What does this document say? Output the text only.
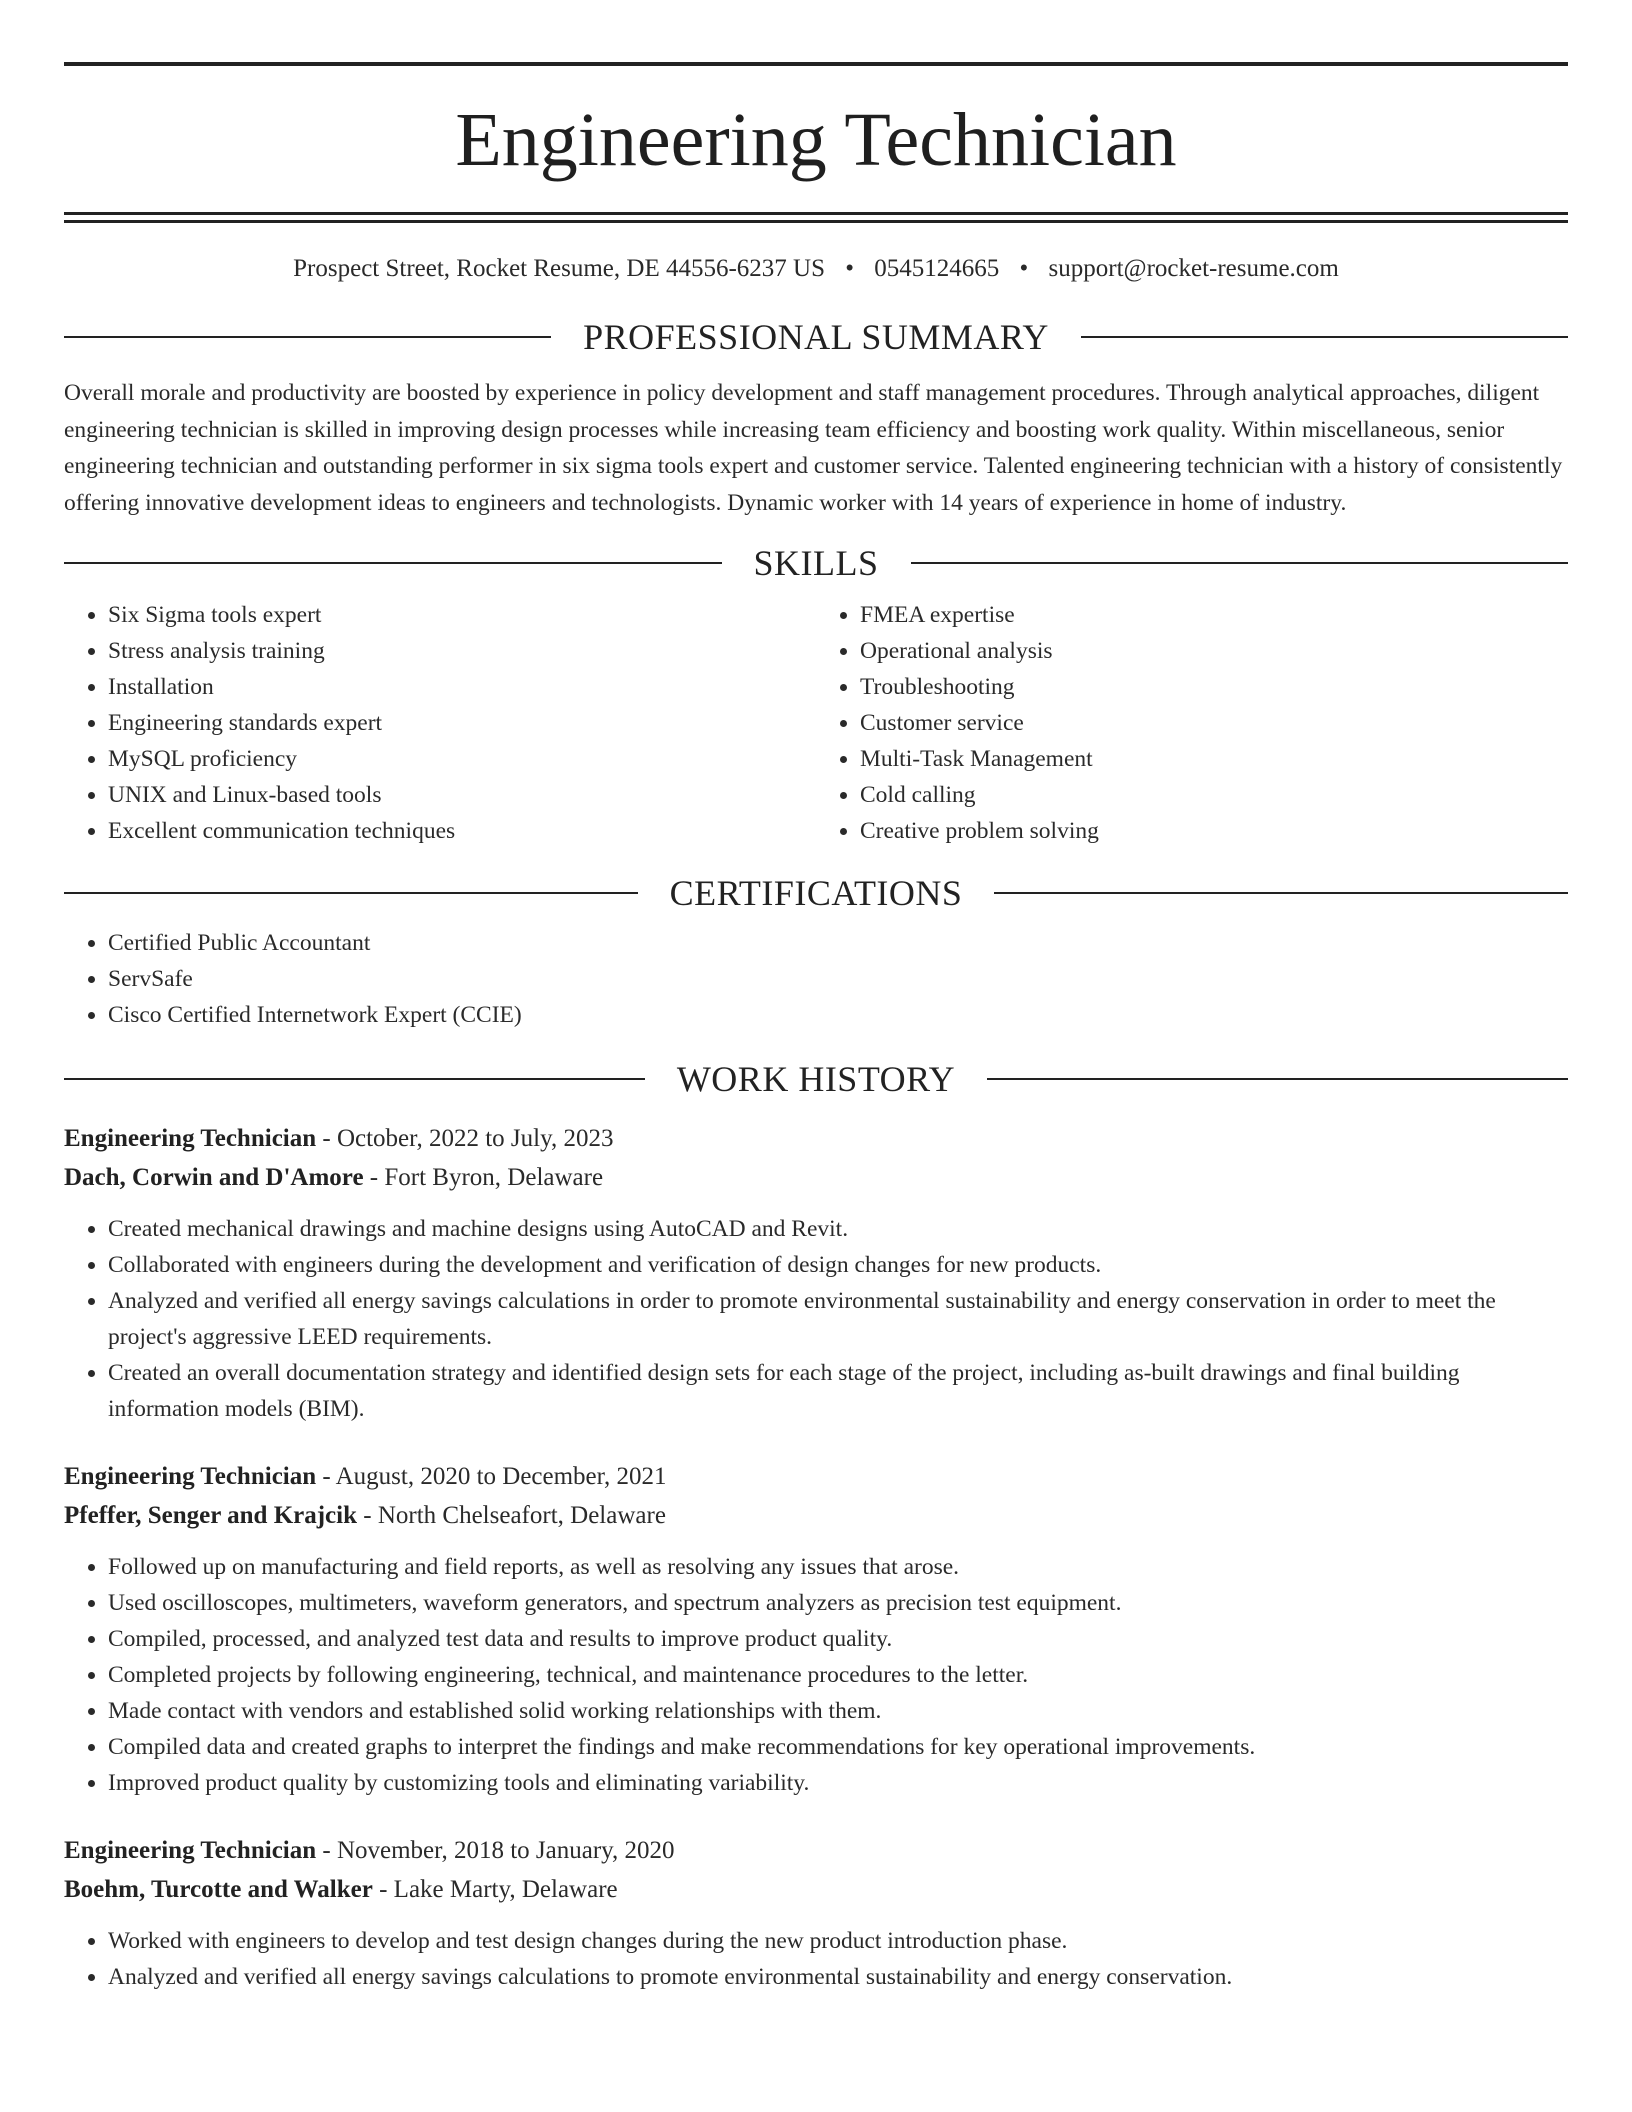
Engineering Technician
Prospect Street, Rocket Resume, DE 44556-6237 US • 0545124665 • support@rocket-resume.com
PROFESSIONAL SUMMARY

Overall morale and productivity are boosted by experience in policy development and staff management procedures. Through analytical approaches, diligent engineering technician is skilled in improving design processes while increasing team efficiency and boosting work quality. Within miscellaneous, senior engineering technician and outstanding performer in six sigma tools expert and customer service. Talented engineering technician with a history of consistently offering innovative development ideas to engineers and technologists. Dynamic worker with 14 years of experience in home of industry.

SKILLS
• Six Sigma tools expert
• Stress analysis training
• Installation
• Engineering standards expert
• MySQL proficiency
• UNIX and Linux-based tools
• Excellent communication techniques
• FMEA expertise
• Operational analysis
• Troubleshooting
• Customer service
• Multi-Task Management
• Cold calling
• Creative problem solving
CERTIFICATIONS
• Certified Public Accountant
• ServSafe
• Cisco Certified Internetwork Expert (CCIE)
WORK HISTORY
Engineering Technician - October, 2022 to July, 2023
Dach, Corwin and D'Amore - Fort Byron, Delaware
• Created mechanical drawings and machine designs using AutoCAD and Revit.
• Collaborated with engineers during the development and verification of design changes for new products.
• Analyzed and verified all energy savings calculations in order to promote environmental sustainability and energy conservation in order to meet the project's aggressive LEED requirements.
• Created an overall documentation strategy and identified design sets for each stage of the project, including as-built drawings and final building information models (BIM).
Engineering Technician - August, 2020 to December, 2021
Pfeffer, Senger and Krajcik - North Chelseafort, Delaware
• Followed up on manufacturing and field reports, as well as resolving any issues that arose.
• Used oscilloscopes, multimeters, waveform generators, and spectrum analyzers as precision test equipment.
• Compiled, processed, and analyzed test data and results to improve product quality.
• Completed projects by following engineering, technical, and maintenance procedures to the letter.
• Made contact with vendors and established solid working relationships with them.
• Compiled data and created graphs to interpret the findings and make recommendations for key operational improvements.
• Improved product quality by customizing tools and eliminating variability.
Engineering Technician - November, 2018 to January, 2020
Boehm, Turcotte and Walker - Lake Marty, Delaware
• Worked with engineers to develop and test design changes during the new product introduction phase.
• Analyzed and verified all energy savings calculations to promote environmental sustainability and energy conservation.
